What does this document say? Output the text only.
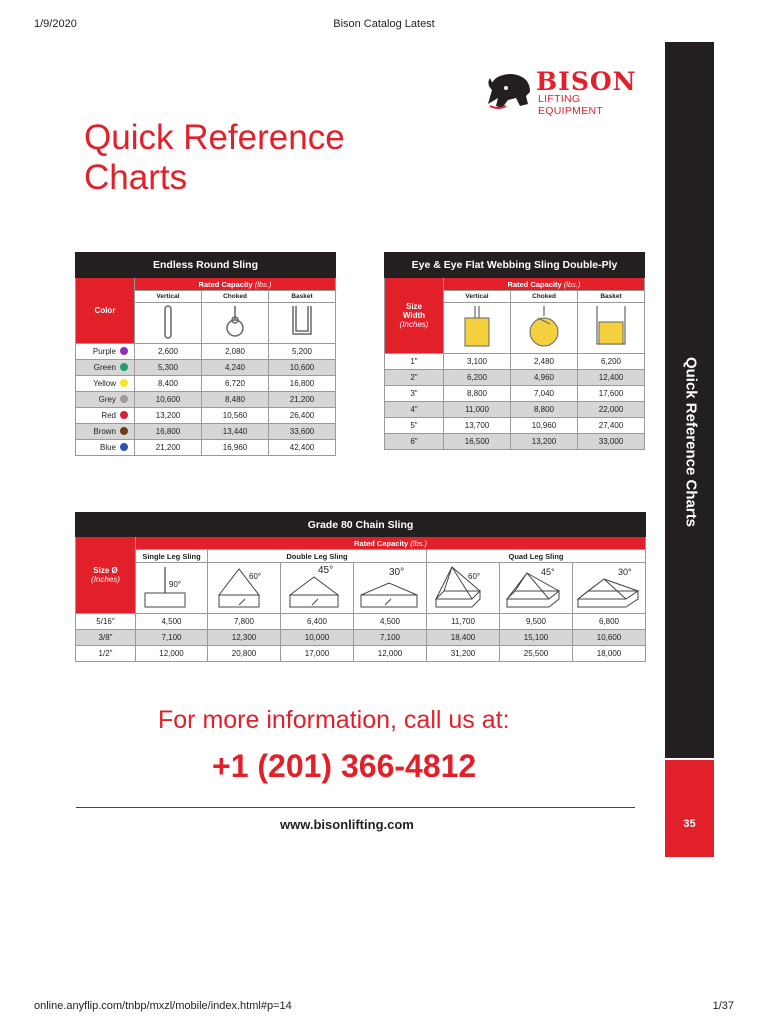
1/9/2020	Bison Catalog Latest
BISON
LIFTING EQUIPMENT
Quick Reference
Charts
Quick Reference Charts
35
Endless Round Sling			
Color	Rated Capacity (lbs.)		
	Vertical	Choked	Basket

Purple	2,600	2,080	5,200
Green	5,300	4,240	10,600
Yellow	8,400	6,720	16,800
Grey	10,600	8,480	21,200
Red	13,200	10,560	26,400
Brown	16,800	13,440	33,600
Blue	21,200	16,960	42,400
Eye & Eye Flat Webbing Sling Double-Ply			

Size
Width
(Inches)	Rated Capacity (lbs.)		
	Vertical	Choked	Basket

1"	3,100	2,480	6,200
2"	6,200	4,960	12,400
3"	8,800	7,040	17,600
4"	11,000	8,800	22,000
5"	13,700	10,960	27,400
6"	16,500	13,200	33,000
Grade 80 Chain Sling							

Size Ø
(Inches)	Rated Capacity (lbs.)						
	Single Leg Sling	Double Leg Sling			Quad Leg Sling		

90°	60°	45°	30°	60°	45°	30°

5/16"	4,500	7,800	6,400	4,500	11,700	9,500	6,800
3/8"	7,100	12,300	10,000	7,100	18,400	15,100	10,600
1/2"	12,000	20,800	17,000	12,000	31,200	25,500	18,000
For more information, call us at:
+1 (201) 366-4812
www.bisonlifting.com
online.anyflip.com/tnbp/mxzl/mobile/index.html#p=14	1/37
